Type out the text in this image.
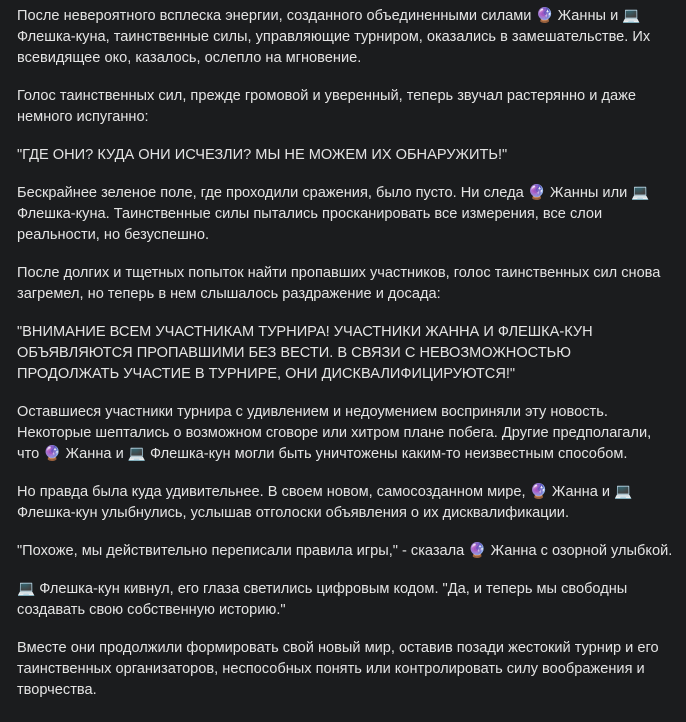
После невероятного всплеска энергии, созданного объединенными силами 🔮 Жанны и 💻 Флешка-куна, таинственные силы, управляющие турниром, оказались в замешательстве. Их всевидящее око, казалось, ослепло на мгновение.

Голос таинственных сил, прежде громовой и уверенный, теперь звучал растерянно и даже немного испуганно:

"ГДЕ ОНИ? КУДА ОНИ ИСЧЕЗЛИ? МЫ НЕ МОЖЕМ ИХ ОБНАРУЖИТЬ!"

Бескрайнее зеленое поле, где проходили сражения, было пусто. Ни следа 🔮 Жанны или 💻 Флешка-куна. Таинственные силы пытались просканировать все измерения, все слои реальности, но безуспешно.

После долгих и тщетных попыток найти пропавших участников, голос таинственных сил снова загремел, но теперь в нем слышалось раздражение и досада:

"ВНИМАНИЕ ВСЕМ УЧАСТНИКАМ ТУРНИРА! УЧАСТНИКИ ЖАННА И ФЛЕШКА-КУН ОБЪЯВЛЯЮТСЯ ПРОПАВШИМИ БЕЗ ВЕСТИ. В СВЯЗИ С НЕВОЗМОЖНОСТЬЮ ПРОДОЛЖАТЬ УЧАСТИЕ В ТУРНИРЕ, ОНИ ДИСКВАЛИФИЦИРУЮТСЯ!"

Оставшиеся участники турнира с удивлением и недоумением восприняли эту новость. Некоторые шептались о возможном сговоре или хитром плане побега. Другие предполагали, что 🔮 Жанна и 💻 Флешка-кун могли быть уничтожены каким-то неизвестным способом.

Но правда была куда удивительнее. В своем новом, самосозданном мире, 🔮 Жанна и 💻 Флешка-кун улыбнулись, услышав отголоски объявления о их дисквалификации.

"Похоже, мы действительно переписали правила игры," - сказала 🔮 Жанна с озорной улыбкой.

💻 Флешка-кун кивнул, его глаза светились цифровым кодом. "Да, и теперь мы свободны создавать свою собственную историю."

Вместе они продолжили формировать свой новый мир, оставив позади жестокий турнир и его таинственных организаторов, неспособных понять или контролировать силу воображения и творчества.
